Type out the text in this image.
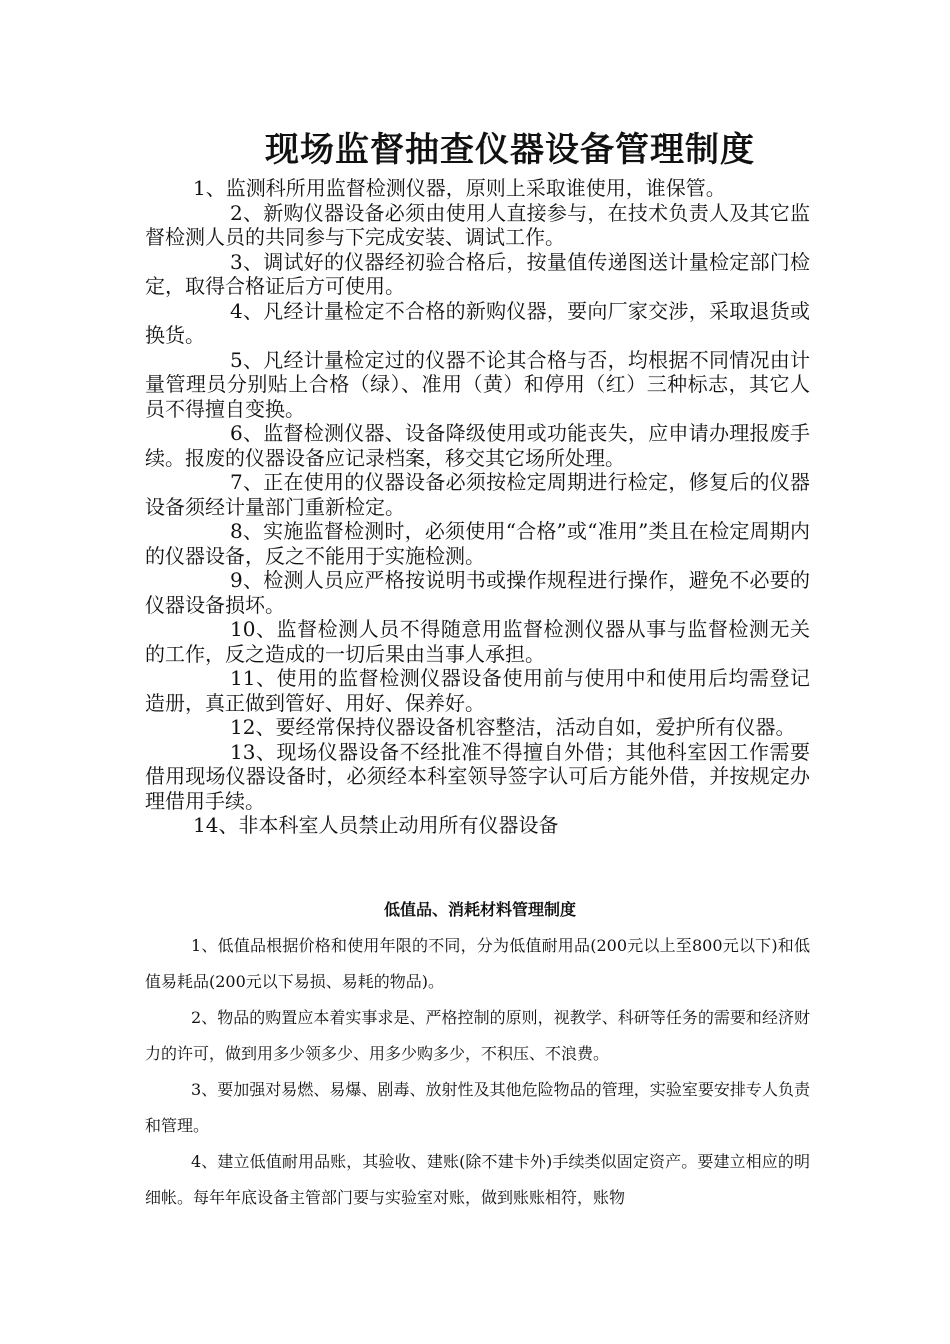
现场监督抽查仪器设备管理制度

1、监测科所用监督检测仪器，原则上采取谁使用，谁保管。

2、新购仪器设备必须由使用人直接参与，在技术负责人及其它监督检测人员的共同参与下完成安装、调试工作。

3、调试好的仪器经初验合格后，按量值传递图送计量检定部门检定，取得合格证后方可使用。

4、凡经计量检定不合格的新购仪器，要向厂家交涉，采取退货或换货。

5、凡经计量检定过的仪器不论其合格与否，均根据不同情况由计量管理员分别贴上合格（绿）、准用（黄）和停用（红）三种标志，其它人员不得擅自变换。

6、监督检测仪器、设备降级使用或功能丧失，应申请办理报废手续。报废的仪器设备应记录档案，移交其它场所处理。

7、正在使用的仪器设备必须按检定周期进行检定，修复后的仪器设备须经计量部门重新检定。

8、实施监督检测时，必须使用“合格”或“准用”类且在检定周期内的仪器设备，反之不能用于实施检测。

9、检测人员应严格按说明书或操作规程进行操作，避免不必要的仪器设备损坏。

10、监督检测人员不得随意用监督检测仪器从事与监督检测无关的工作，反之造成的一切后果由当事人承担。

11、使用的监督检测仪器设备使用前与使用中和使用后均需登记造册，真正做到管好、用好、保养好。

12、要经常保持仪器设备机容整洁，活动自如，爱护所有仪器。

13、现场仪器设备不经批准不得擅自外借；其他科室因工作需要借用现场仪器设备时，必须经本科室领导签字认可后方能外借，并按规定办理借用手续。

14、非本科室人员禁止动用所有仪器设备

低值品、消耗材料管理制度

1、低值品根据价格和使用年限的不同，分为低值耐用品(200元以上至800元以下)和低值易耗品(200元以下易损、易耗的物品)。

2、物品的购置应本着实事求是、严格控制的原则，视教学、科研等任务的需要和经济财力的许可，做到用多少领多少、用多少购多少，不积压、不浪费。

3、要加强对易燃、易爆、剧毒、放射性及其他危险物品的管理，实验室要安排专人负责和管理。

4、建立低值耐用品账，其验收、建账(除不建卡外)手续类似固定资产。要建立相应的明细帐。每年年底设备主管部门要与实验室对账，做到账账相符，账物
